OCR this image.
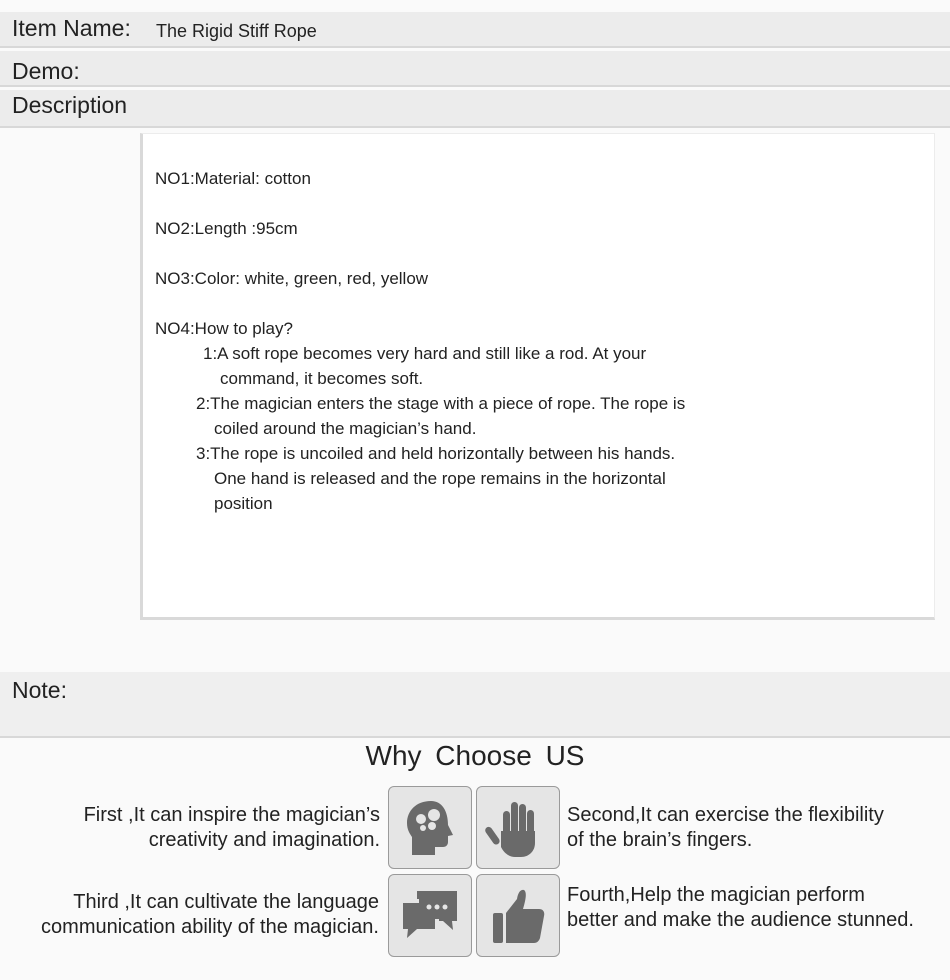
Item Name: The Rigid Stiff Rope
Demo:
Description
NO1:Material: cotton
NO2:Length :95cm
NO3:Color: white, green, red, yellow
NO4:How to play?
1:A soft rope becomes very hard and still like a rod. At your
command, it becomes soft.
2:The magician enters the stage with a piece of rope. The rope is
coiled around the magician’s hand.
3:The rope is uncoiled and held horizontally between his hands.
One hand is released and the rope remains in the horizontal
position
Note:
Why Choose US
First ,It can inspire the magician’s
creativity and imagination.
Second,It can exercise the flexibility
of the brain’s fingers.
Third ,It can cultivate the language
communication ability of the magician.
Fourth,Help the magician perform
better and make the audience stunned.
